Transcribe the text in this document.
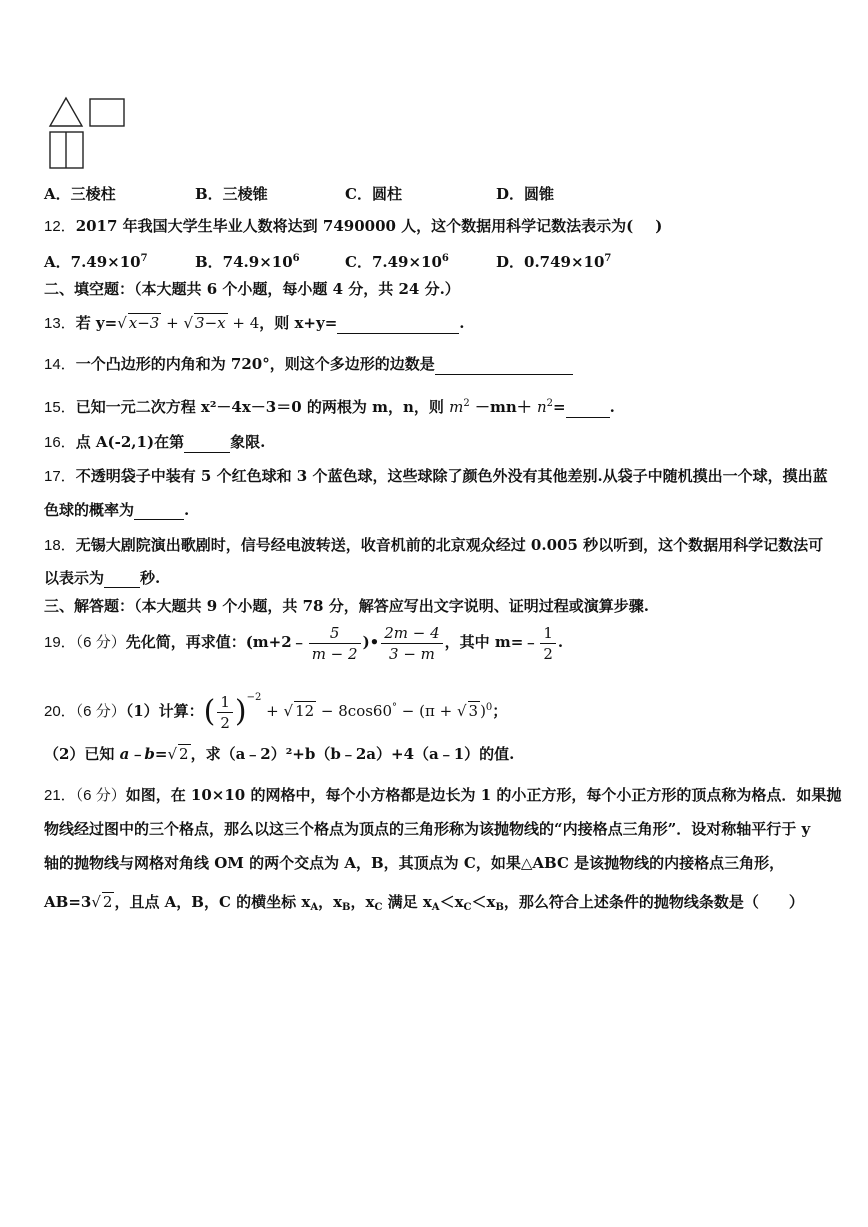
A．三棱柱	B．三棱锥	C．圆柱	D．圆锥
12．2017 年我国大学生毕业人数将达到 7490000 人，这个数据用科学记数法表示为( )
A．$7.49\times 10^7$	B．$74.9\times 10^6$	C．$7.49\times 10^6$	D．$0.749\times 10^7$
二、填空题：（本大题共 6 个小题，每小题 4 分，共 24 分.）
13．若 y=√ x−3 + √ 3−x + 4，则 x+y=	.
14．一个凸边形的内角和为 720°，则这个多边形的边数是
15．已知一元二次方程 x²－4x－3＝0 的两根为 m，n，则 $m^2 -mn+ n^2=$	.
16．点 A(-2,1)在第	象限.
17．不透明袋子中装有 5 个红色球和 3 个蓝色球，这些球除了颜色外没有其他差别.从袋子中随机摸出一个球，摸出蓝
色球的概率为	.
18．无锡大剧院演出歌剧时，信号经电波转送，收音机前的北京观众经过 0.005 秒以听到，这个数据用科学记数法可
以表示为 秒.
三、解答题：（本大题共 9 个小题，共 78 分，解答应写出文字说明、证明过程或演算步骤.
19．（6 分）先化简，再求值：(m+2﹣ $\frac{5}{m - 2}$ )• $\frac{2m - 4}{3 - m}$ ，其中 m=﹣ $\frac{1}{2}$ .
20．（6 分）（1）计算：( $\frac{1}{2} )^{-2}$ + √ 12 − 8cos60° − (π + √ 3 )$^0$；
（2）已知 a﹣b=√ 2 ，求（a﹣2）²+b（b﹣2a）+4（a﹣1）的值.
21．（6 分）如图，在 10×10 的网格中，每个小方格都是边长为 1 的小正方形，每个小正方形的顶点称为格点．如果抛
物线经过图中的三个格点，那么以这三个格点为顶点的三角形称为该抛物线的“内接格点三角形”．设对称轴平行于 y
轴的抛物线与网格对角线 OM 的两个交点为 A，B，其顶点为 C，如果△ABC 是该抛物线的内接格点三角形，
AB=3√ 2 ，且点 A，B，C 的横坐标 $x_A$，$x_B$，$x_C$ 满足 $x_A<x_C<x_B$，那么符合上述条件的抛物线条数是（　　）
